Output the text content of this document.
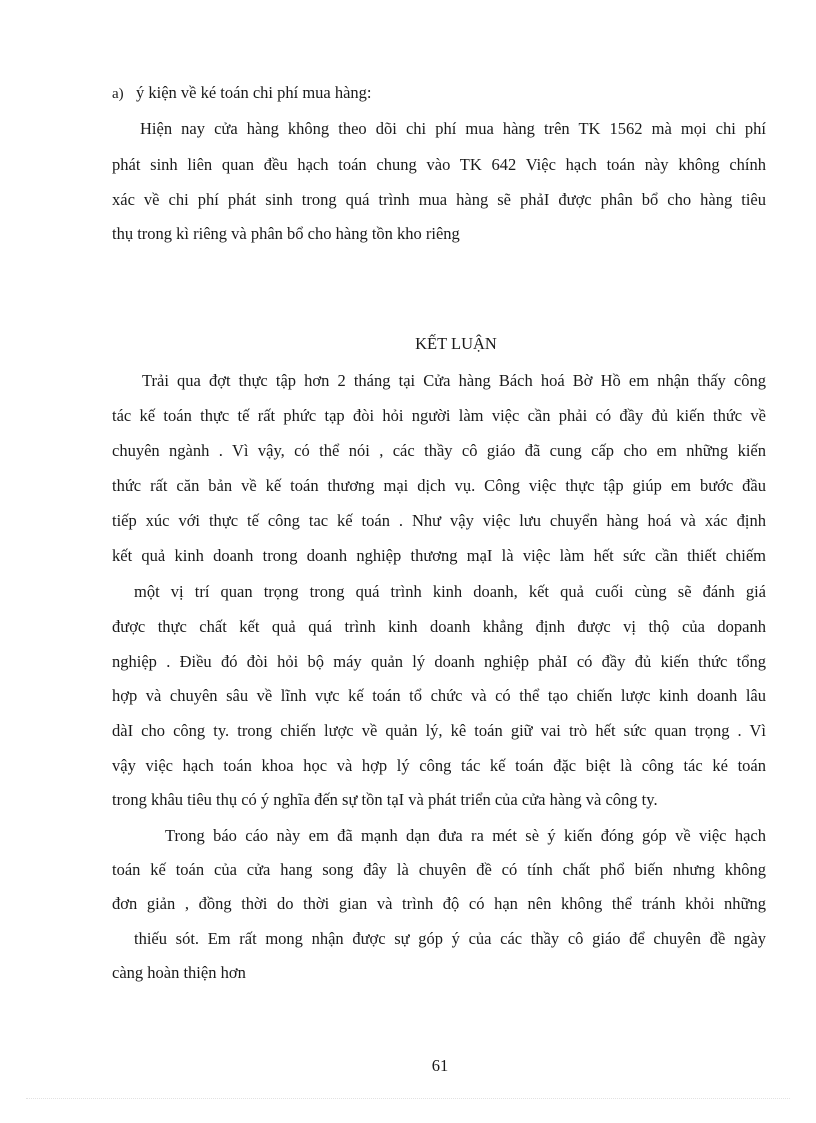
a) ý kiện về ké toán chi phí mua hàng:
Hiện nay cửa hàng không theo dõi chi phí mua hàng trên TK 1562 mà mọi chi phí
phát sinh liên quan đều hạch toán chung vào TK 642 Việc hạch toán này không chính
xác về chi phí phát sinh trong quá trình mua hàng sẽ phảI được phân bổ cho hàng tiêu
thụ trong kì riêng và phân bổ cho hàng tồn kho riêng
KẾT LUẬN
Trải qua đợt thực tập hơn 2 tháng tại Cửa hàng Bách hoá Bờ Hồ em nhận thấy công
tác kế toán thực tế rất phức tạp đòi hỏi người làm việc cần phải có đầy đủ kiến thức về
chuyên ngành . Vì vậy, có thể nói , các thầy cô giáo đã cung cấp cho em những kiến
thức rất căn bản về kế toán thương mại dịch vụ. Công việc thực tập giúp em bước đầu
tiếp xúc với thực tế công tac kế toán . Như vậy việc lưu chuyển hàng hoá và xác định
kết quả kinh doanh trong doanh nghiệp thương mạI là việc làm hết sức cần thiết chiếm
một vị trí quan trọng trong quá trình kinh doanh, kết quả cuối cùng sẽ đánh giá
được thực chất kết quả quá trình kinh doanh khẳng định được vị thộ của dopanh
nghiệp . Điều đó đòi hỏi bộ máy quản lý doanh nghiệp phảI có đầy đủ kiến thức tổng
hợp và chuyên sâu về lĩnh vực kế toán tổ chức và có thể tạo chiến lược kinh doanh lâu
dàI cho công ty. trong chiến lược về quản lý, kê toán giữ vai trò hết sức quan trọng . Vì
vậy việc hạch toán khoa học và hợp lý công tác kế toán đặc biệt là công tác ké toán
trong khâu tiêu thụ có ý nghĩa đến sự tồn tạI và phát triển của cửa hàng và công ty.
Trong báo cáo này em đã mạnh dạn đưa ra mét sè ý kiến đóng góp về việc hạch
toán kế toán của cửa hang song đây là chuyên đề có tính chất phổ biến nhưng không
đơn giản , đồng thời do thời gian và trình độ có hạn nên không thể tránh khỏi những
thiếu sót. Em rất mong nhận được sự góp ý của các thầy cô giáo để chuyên đề ngày
càng hoàn thiện hơn
61
